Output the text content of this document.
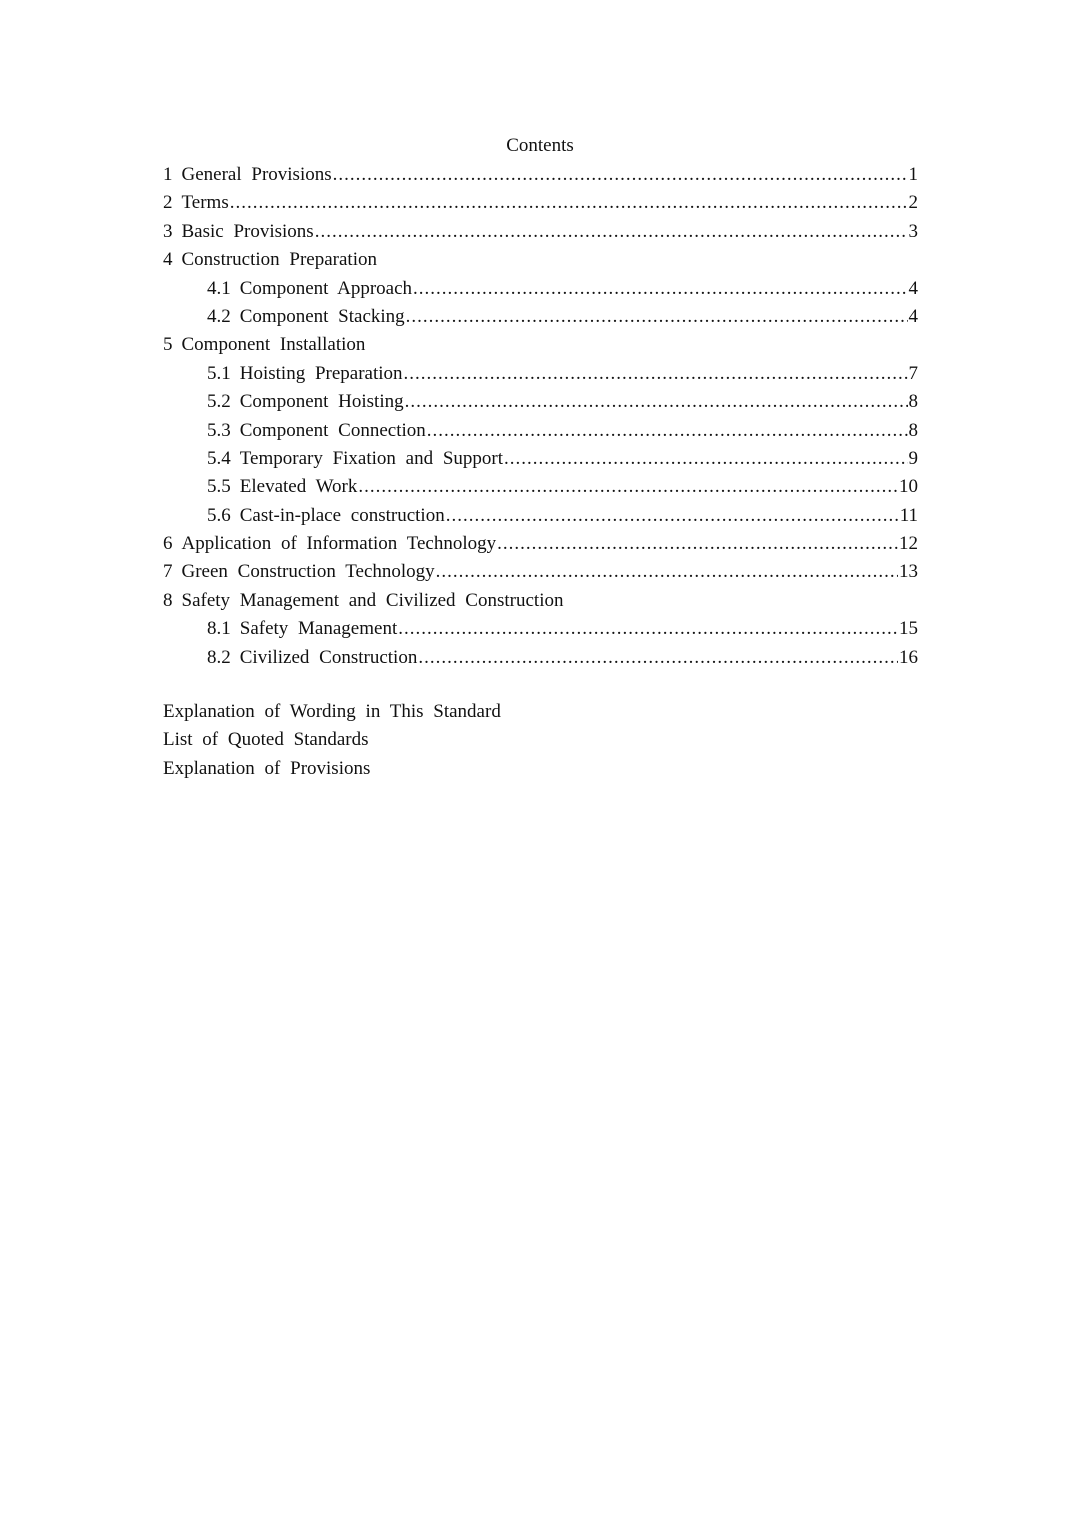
Contents
1 General Provisions .....	1
2 Terms .....	2
3 Basic Provisions .....	3
4 Construction Preparation
4.1 Component Approach .....	4
4.2 Component Stacking .....	4
5 Component Installation
5.1 Hoisting Preparation .....	7
5.2 Component Hoisting .....	8
5.3 Component Connection .....	8
5.4 Temporary Fixation and Support .....	9
5.5 Elevated Work .....	10
5.6 Cast-in-place construction .....	11
6 Application of Information Technology .....	12
7 Green Construction Technology .....	13
8 Safety Management and Civilized Construction
8.1 Safety Management .....	15
8.2 Civilized Construction .....	16
Explanation of Wording in This Standard
List of Quoted Standards
Explanation of Provisions
